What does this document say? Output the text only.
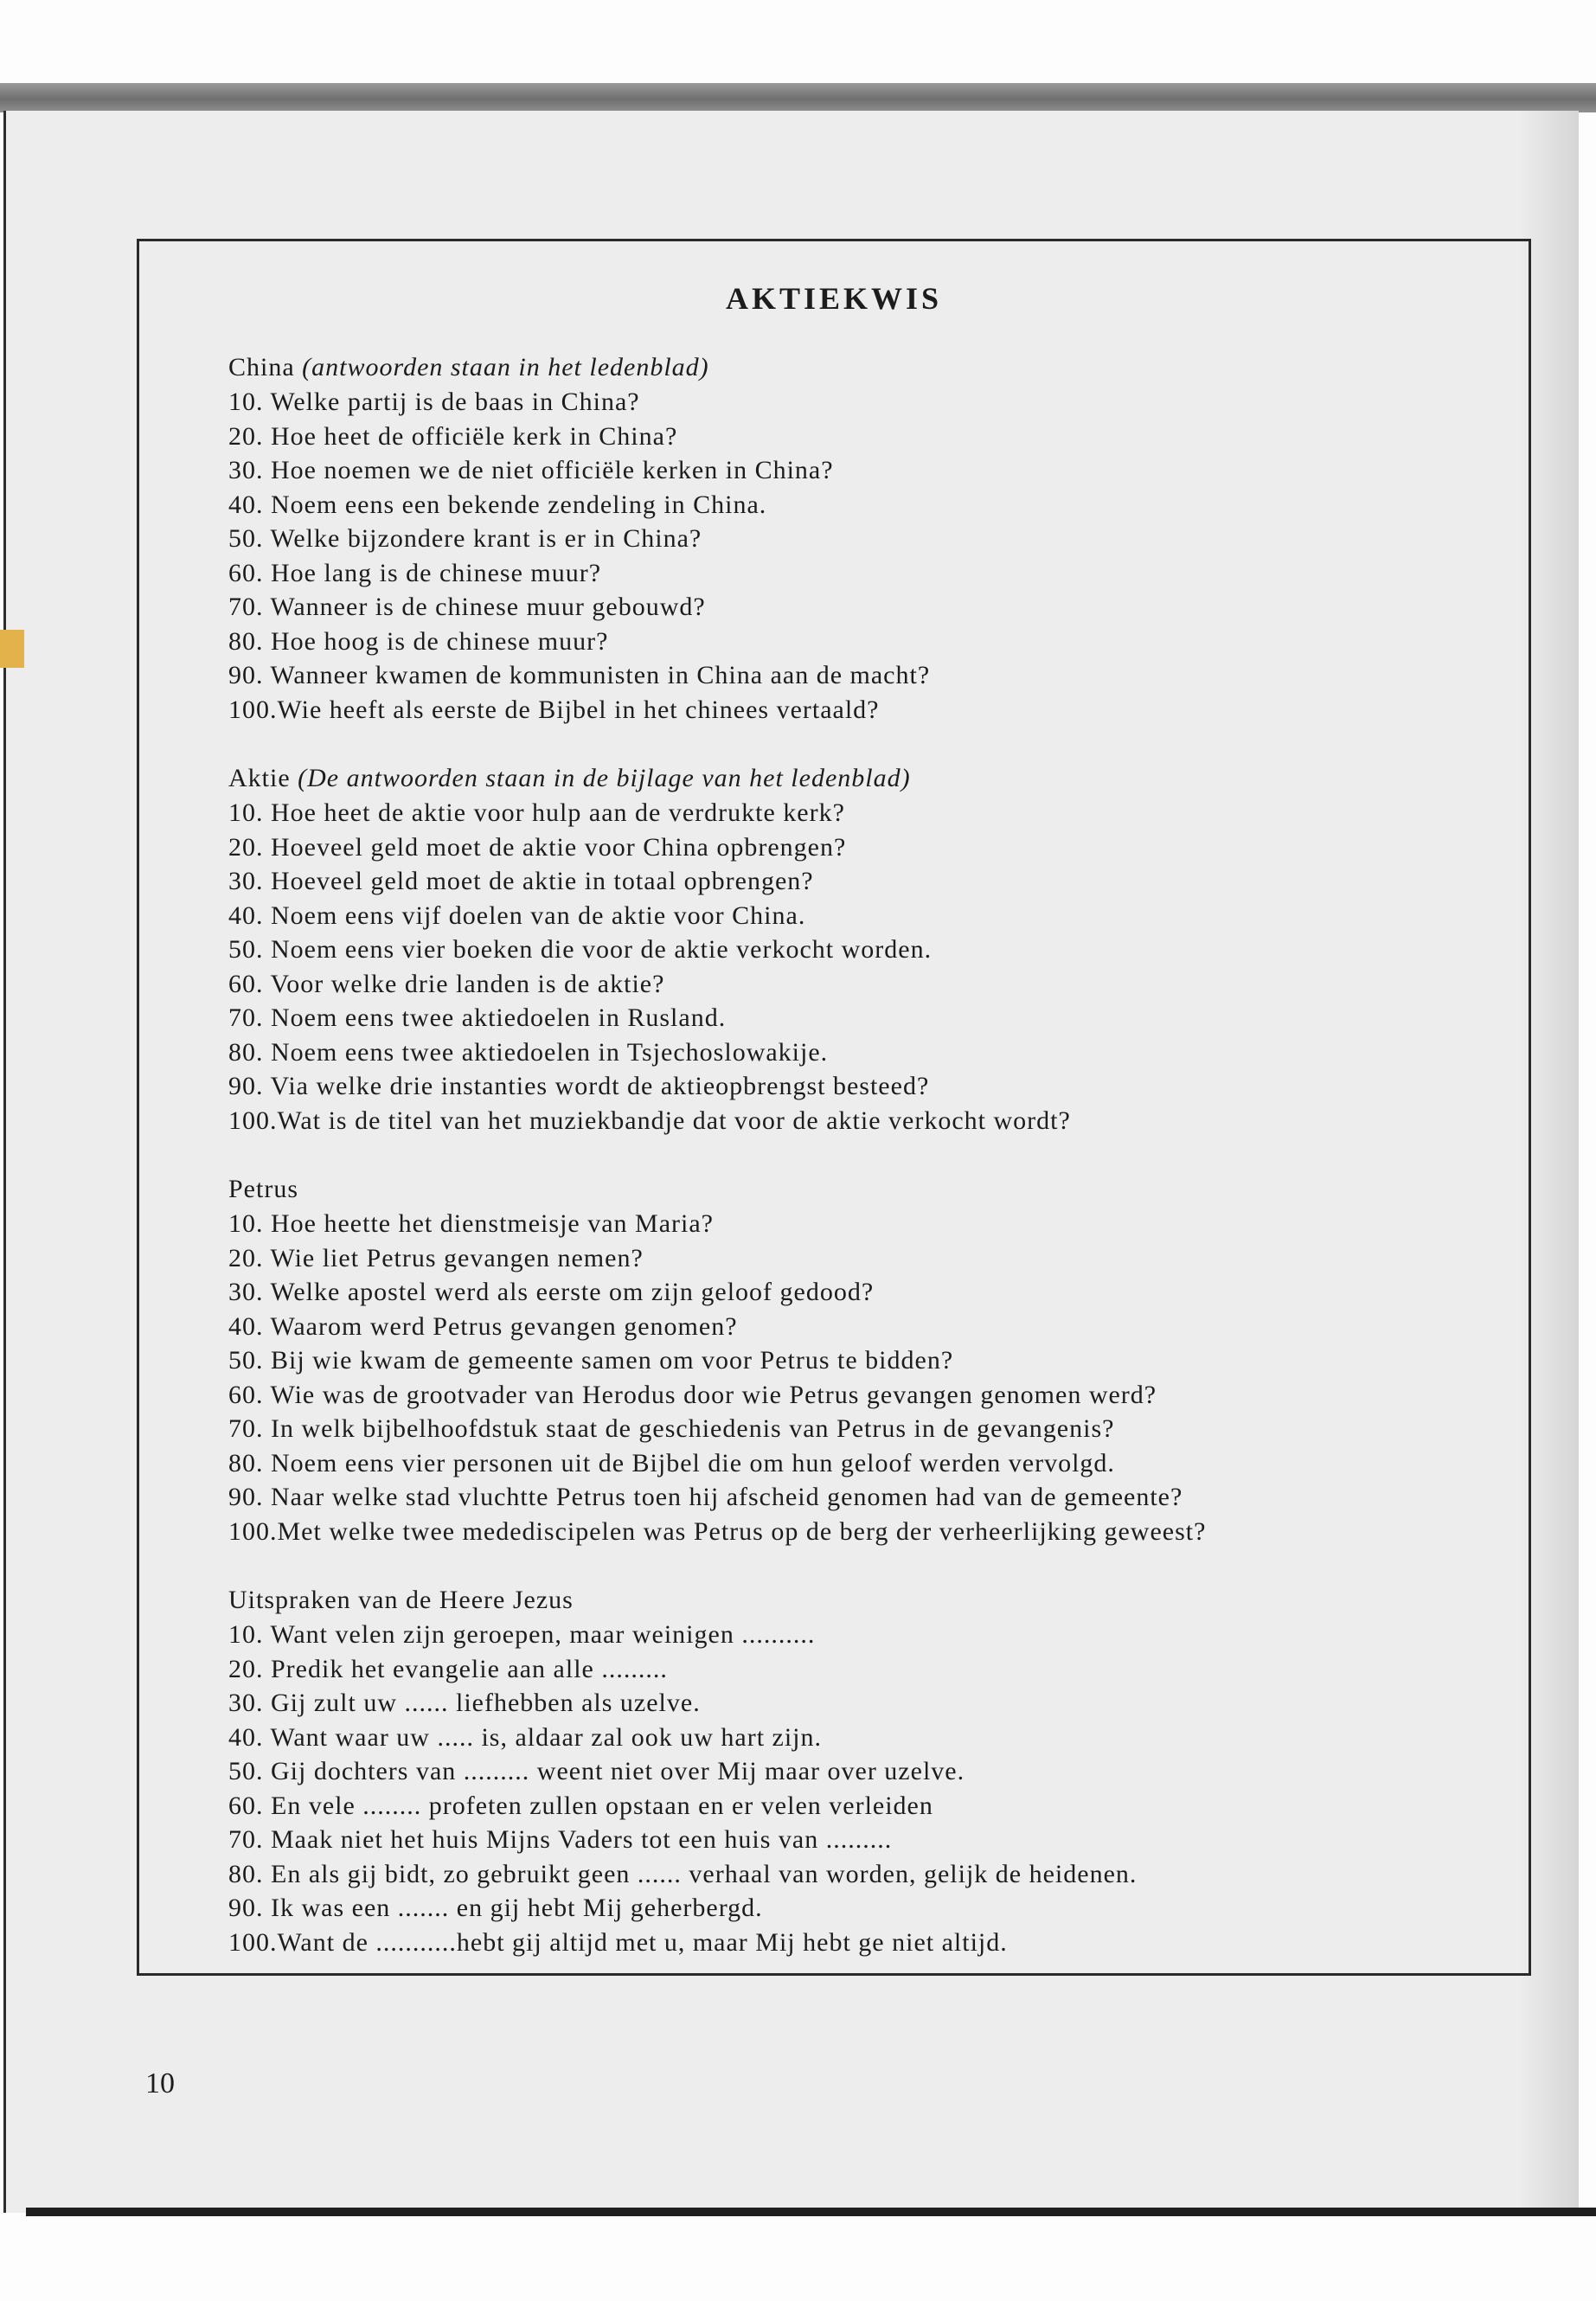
AKTIEKWIS

China (antwoorden staan in het ledenblad)

10. Welke partij is de baas in China?
20. Hoe heet de officiële kerk in China?
30. Hoe noemen we de niet officiële kerken in China?
40. Noem eens een bekende zendeling in China.
50. Welke bijzondere krant is er in China?
60. Hoe lang is de chinese muur?
70. Wanneer is de chinese muur gebouwd?
80. Hoe hoog is de chinese muur?
90. Wanneer kwamen de kommunisten in China aan de macht?
100.Wie heeft als eerste de Bijbel in het chinees vertaald?

Aktie (De antwoorden staan in de bijlage van het ledenblad)

10. Hoe heet de aktie voor hulp aan de verdrukte kerk?
20. Hoeveel geld moet de aktie voor China opbrengen?
30. Hoeveel geld moet de aktie in totaal opbrengen?
40. Noem eens vijf doelen van de aktie voor China.
50. Noem eens vier boeken die voor de aktie verkocht worden.
60. Voor welke drie landen is de aktie?
70. Noem eens twee aktiedoelen in Rusland.
80. Noem eens twee aktiedoelen in Tsjechoslowakije.
90. Via welke drie instanties wordt de aktieopbrengst besteed?
100.Wat is de titel van het muziekbandje dat voor de aktie verkocht wordt?

Petrus

10. Hoe heette het dienstmeisje van Maria?
20. Wie liet Petrus gevangen nemen?
30. Welke apostel werd als eerste om zijn geloof gedood?
40. Waarom werd Petrus gevangen genomen?
50. Bij wie kwam de gemeente samen om voor Petrus te bidden?
60. Wie was de grootvader van Herodus door wie Petrus gevangen genomen werd?
70. In welk bijbelhoofdstuk staat de geschiedenis van Petrus in de gevangenis?
80. Noem eens vier personen uit de Bijbel die om hun geloof werden vervolgd.
90. Naar welke stad vluchtte Petrus toen hij afscheid genomen had van de gemeente?
100.Met welke twee medediscipelen was Petrus op de berg der verheerlijking geweest?

Uitspraken van de Heere Jezus

10. Want velen zijn geroepen, maar weinigen ..........
20. Predik het evangelie aan alle .........
30. Gij zult uw ...... liefhebben als uzelve.
40. Want waar uw ..... is, aldaar zal ook uw hart zijn.
50. Gij dochters van ......... weent niet over Mij maar over uzelve.
60. En vele ........ profeten zullen opstaan en er velen verleiden
70. Maak niet het huis Mijns Vaders tot een huis van .........
80. En als gij bidt, zo gebruikt geen ...... verhaal van worden, gelijk de heidenen.
90. Ik was een ....... en gij hebt Mij geherbergd.
100.Want de ...........hebt gij altijd met u, maar Mij hebt ge niet altijd.

10
